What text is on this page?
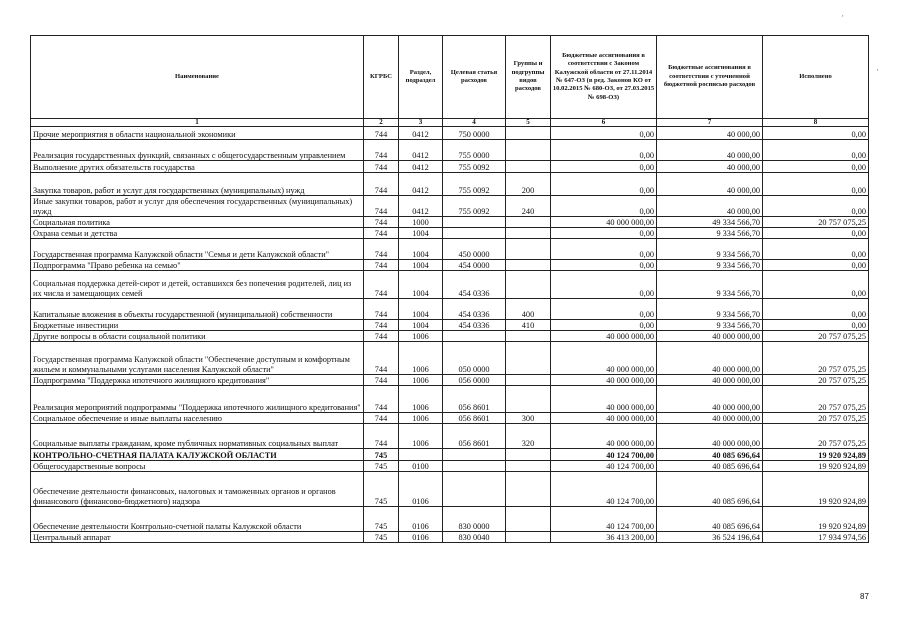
Наименование	КГРБС	Раздел, подраздел	Целевая статья расходов	Группы и подгруппы видов расходов	Бюджетные ассигнования в соответствии с Законом Калужской области от 27.11.2014 № 647-ОЗ (в ред. Законов КО от 10.02.2015 № 680-ОЗ, от 27.03.2015 № 698-ОЗ)	Бюджетные ассигнования в соответствии с уточненной бюджетной росписью расходов	Исполнено
1	2	3	4	5	6	7	8
Прочие мероприятия в области национальной экономики	744	0412	750 0000		0,00	40 000,00	0,00
Реализация государственных функций, связанных с общегосударственным управлением	744	0412	755 0000		0,00	40 000,00	0,00
Выполнение других обязательств государства	744	0412	755 0092		0,00	40 000,00	0,00
Закупка товаров, работ и услуг для государственных (муниципальных) нужд	744	0412	755 0092	200	0,00	40 000,00	0,00
Иные закупки товаров, работ и услуг для обеспечения государственных (муниципальных) нужд	744	0412	755 0092	240	0,00	40 000,00	0,00
Социальная политика	744	1000			40 000 000,00	49 334 566,70	20 757 075,25
Охрана семьи и детства	744	1004			0,00	9 334 566,70	0,00
Государственная программа Калужской области "Семья и дети Калужской области"	744	1004	450 0000		0,00	9 334 566,70	0,00
Подпрограмма "Право ребенка на семью"	744	1004	454 0000		0,00	9 334 566,70	0,00
Социальная поддержка детей-сирот и детей, оставшихся без попечения родителей, лиц из их числа и замещающих семей	744	1004	454 0336		0,00	9 334 566,70	0,00
Капитальные вложения в объекты государственной (муниципальной) собственности	744	1004	454 0336	400	0,00	9 334 566,70	0,00
Бюджетные инвестиции	744	1004	454 0336	410	0,00	9 334 566,70	0,00
Другие вопросы в области социальной политики	744	1006			40 000 000,00	40 000 000,00	20 757 075,25
Государственная программа Калужской области "Обеспечение доступным и комфортным жильем и коммунальными услугами населения Калужской области"	744	1006	050 0000		40 000 000,00	40 000 000,00	20 757 075,25
Подпрограмма "Поддержка ипотечного жилищного кредитования"	744	1006	056 0000		40 000 000,00	40 000 000,00	20 757 075,25
Реализация мероприятий подпрограммы "Поддержка ипотечного жилищного кредитования"	744	1006	056 8601		40 000 000,00	40 000 000,00	20 757 075,25
Социальное обеспечение и иные выплаты населению	744	1006	056 8601	300	40 000 000,00	40 000 000,00	20 757 075,25
Социальные выплаты гражданам, кроме публичных нормативных социальных выплат	744	1006	056 8601	320	40 000 000,00	40 000 000,00	20 757 075,25
КОНТРОЛЬНО-СЧЕТНАЯ ПАЛАТА КАЛУЖСКОЙ ОБЛАСТИ	745				40 124 700,00	40 085 696,64	19 920 924,89
Общегосударственные вопросы	745	0100			40 124 700,00	40 085 696,64	19 920 924,89
Обеспечение деятельности финансовых, налоговых и таможенных органов и органов финансового (финансово-бюджетного) надзора	745	0106			40 124 700,00	40 085 696,64	19 920 924,89
Обеспечение деятельности Контрольно-счетной палаты Калужской области	745	0106	830 0000		40 124 700,00	40 085 696,64	19 920 924,89
Центральный аппарат	745	0106	830 0040		36 413 200,00	36 524 196,64	17 934 974,56
87
'
'
